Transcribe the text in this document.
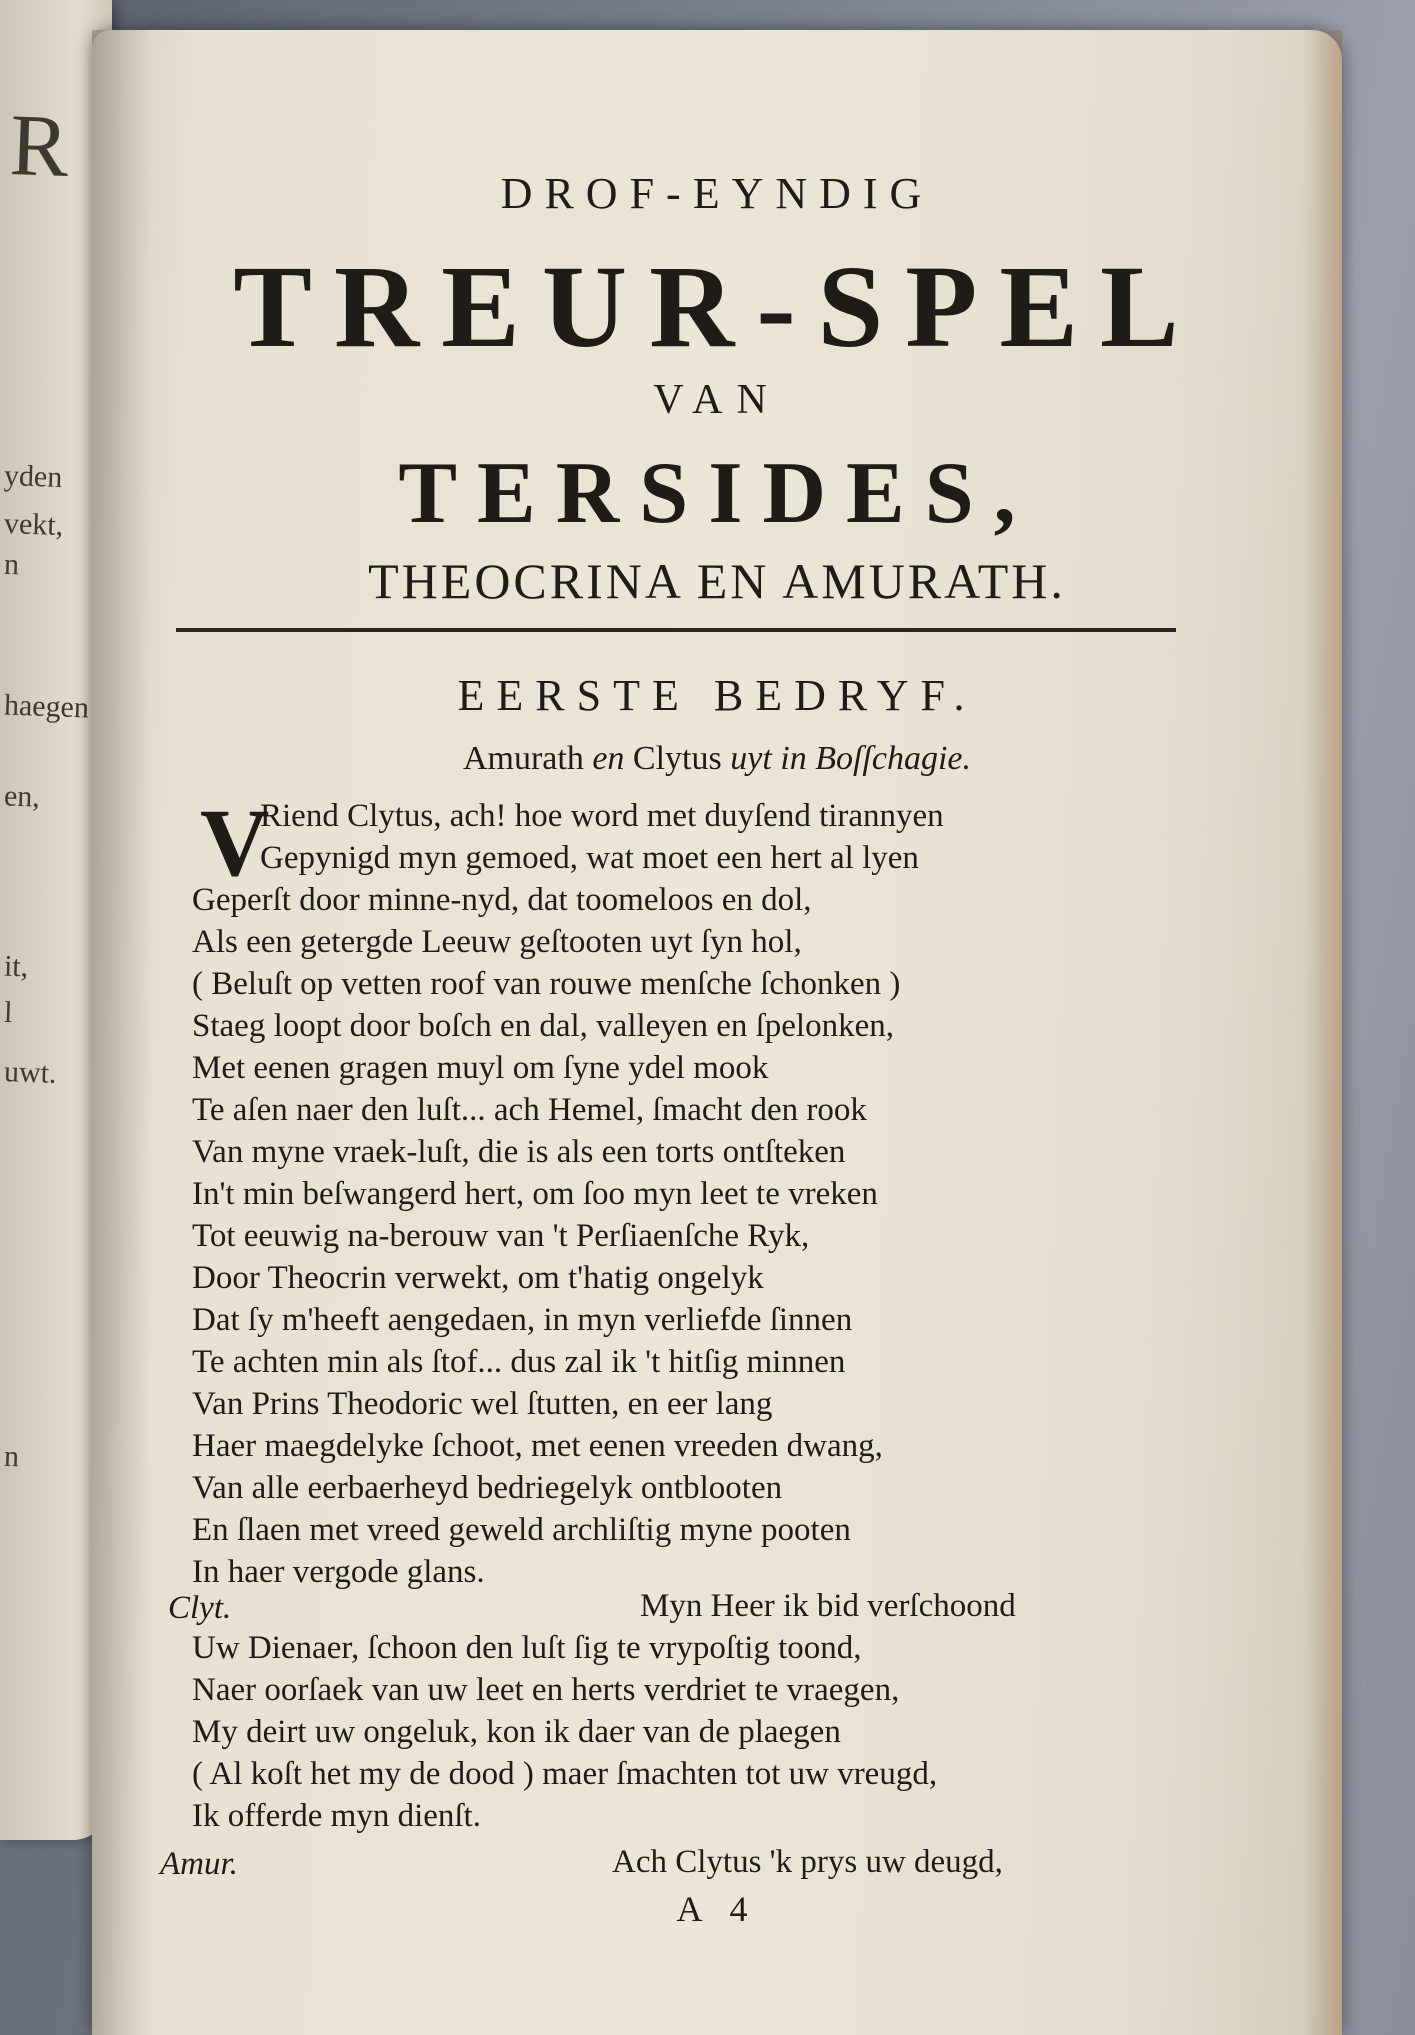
R
yden
vekt,
n
haegen
en,
it,
l
uwt.
n
DROF-EYNDIG
TREUR-SPEL
VAN
TERSIDES,
THEOCRINA EN AMURATH.
EERSTE BEDRYF.
Amurath en Clytus uyt in Boſſchagie.
V
Riend Clytus, ach! hoe word met duyſend tirannyen
Gepynigd myn gemoed, wat moet een hert al lyen
Geperſt door minne-nyd, dat toomeloos en dol,
Als een getergde Leeuw geſtooten uyt ſyn hol,
( Beluſt op vetten roof van rouwe menſche ſchonken )
Staeg loopt door boſch en dal, valleyen en ſpelonken,
Met eenen gragen muyl om ſyne ydel mook
Te aſen naer den luſt... ach Hemel, ſmacht den rook
Van myne vraek-luſt, die is als een torts ontſteken
In't min beſwangerd hert, om ſoo myn leet te vreken
Tot eeuwig na-berouw van 't Perſiaenſche Ryk,
Door Theocrin verwekt, om t'hatig ongelyk
Dat ſy m'heeft aengedaen, in myn verliefde ſinnen
Te achten min als ſtof... dus zal ik 't hitſig minnen
Van Prins Theodoric wel ſtutten, en eer lang
Haer maegdelyke ſchoot, met eenen vreeden dwang,
Van alle eerbaerheyd bedriegelyk ontblooten
En ſlaen met vreed geweld archliſtig myne pooten
In haer vergode glans.
Clyt.	Myn Heer ik bid verſchoond
Uw Dienaer, ſchoon den luſt ſig te vrypoſtig toond,
Naer oorſaek van uw leet en herts verdriet te vraegen,
My deirt uw ongeluk, kon ik daer van de plaegen
( Al koſt het my de dood ) maer ſmachten tot uw vreugd,
Ik offerde myn dienſt.
Amur.	Ach Clytus 'k prys uw deugd,
A 4
